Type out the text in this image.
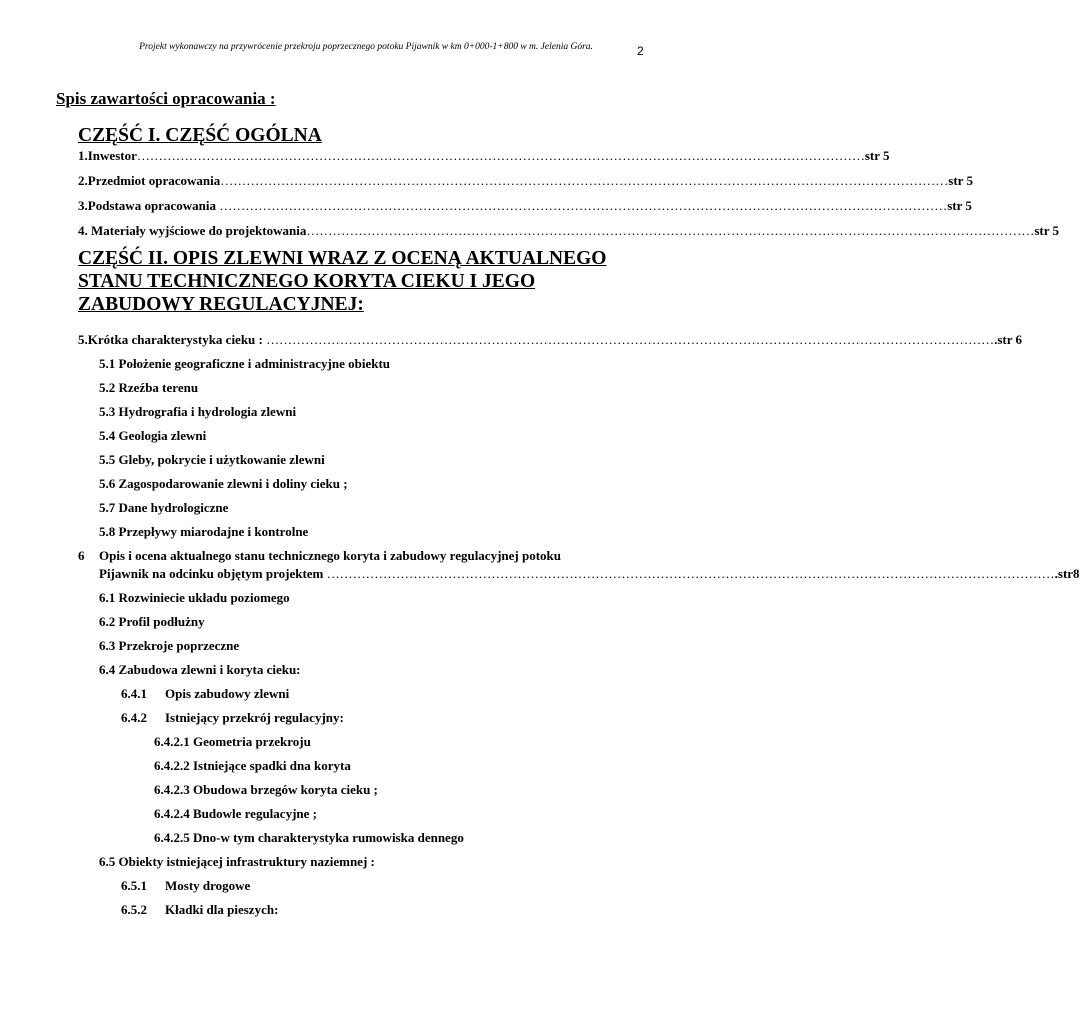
Projekt wykonawczy na przywrócenie przekroju poprzecznego potoku Pijawnik w km 0+000-1+800 w m. Jelenia Góra.	2
Spis zawartości opracowania :
CZĘŚĆ I. CZĘŚĆ OGÓLNA
1.Inwestor …………………………………………………………………………………………………………………………………………………… str 5
2.Przedmiot opracowania …………………………………………………………………………………………………………………………………………………… str 5
3.Podstawa opracowania …………………………………………………………………………………………………………………………………………………… str 5
4. Materiały wyjściowe do projektowania …………………………………………………………………………………………………………………………………………………… str 5
CZĘŚĆ II. OPIS ZLEWNI WRAZ Z OCENĄ AKTUALNEGO
STANU TECHNICZNEGO KORYTA CIEKU I JEGO
ZABUDOWY REGULACYJNEJ:
5.Krótka charakterystyka cieku : …………………………………………………………………………………………………………………………………………………… .str 6
5.1 Położenie geograficzne i administracyjne obiektu
5.2 Rzeźba terenu
5.3 Hydrografia i hydrologia zlewni
5.4 Geologia zlewni
5.5 Gleby, pokrycie i użytkowanie zlewni
5.6 Zagospodarowanie zlewni i doliny cieku ;
5.7 Dane hydrologiczne
5.8 Przepływy miarodajne i kontrolne
6 Opis i ocena aktualnego stanu technicznego koryta i zabudowy regulacyjnej potoku
Pijawnik na odcinku objętym projektem …………………………………………………………………………………………………………………………………………………… .str8
6.1 Rozwiniecie układu poziomego
6.2 Profil podłużny
6.3 Przekroje poprzeczne
6.4 Zabudowa zlewni i koryta cieku:
6.4.1 Opis zabudowy zlewni
6.4.2 Istniejący przekrój regulacyjny:
6.4.2.1 Geometria przekroju
6.4.2.2 Istniejące spadki dna koryta
6.4.2.3 Obudowa brzegów koryta cieku ;
6.4.2.4 Budowle regulacyjne ;
6.4.2.5 Dno-w tym charakterystyka rumowiska dennego
6.5 Obiekty istniejącej infrastruktury naziemnej :
6.5.1 Mosty drogowe
6.5.2 Kładki dla pieszych:
